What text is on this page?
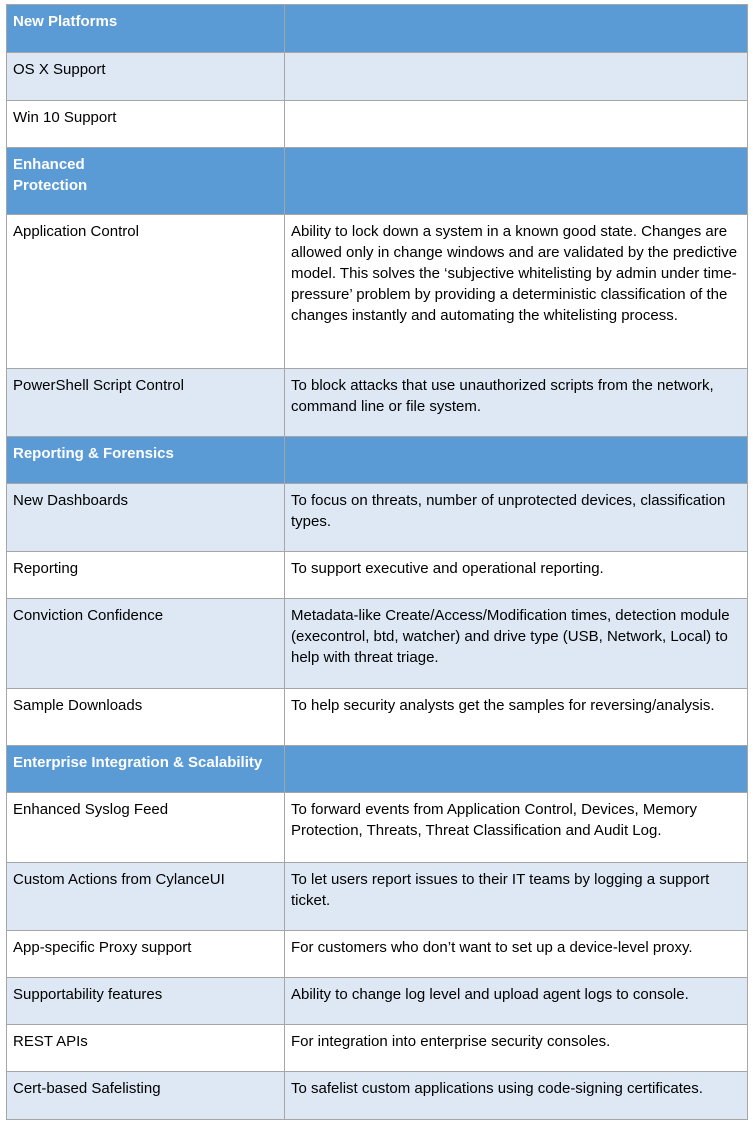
New Platforms	
OS X Support	
Win 10 Support	
Enhanced
Protection	
Application Control	Ability to lock down a system in a known good state. Changes are allowed only in change windows and are validated by the predictive model. This solves the ‘subjective whitelisting by admin under time-pressure’ problem by providing a deterministic classification of the changes instantly and automating the whitelisting process.
PowerShell Script Control	To block attacks that use unauthorized scripts from the network, command line or file system.
Reporting & Forensics	
New Dashboards	To focus on threats, number of unprotected devices, classification types.
Reporting	To support executive and operational reporting.
Conviction Confidence	Metadata-like Create/Access/Modification times, detection module (execontrol, btd, watcher) and drive type (USB, Network, Local) to help with threat triage.
Sample Downloads	To help security analysts get the samples for reversing/analysis.
Enterprise Integration & Scalability	
Enhanced Syslog Feed	To forward events from Application Control, Devices, Memory Protection, Threats, Threat Classification and Audit Log.
Custom Actions from CylanceUI	To let users report issues to their IT teams by logging a support ticket.
App-specific Proxy support	For customers who don’t want to set up a device-level proxy.
Supportability features	Ability to change log level and upload agent logs to console.
REST APIs	For integration into enterprise security consoles.
Cert-based Safelisting	To safelist custom applications using code-signing certificates.
